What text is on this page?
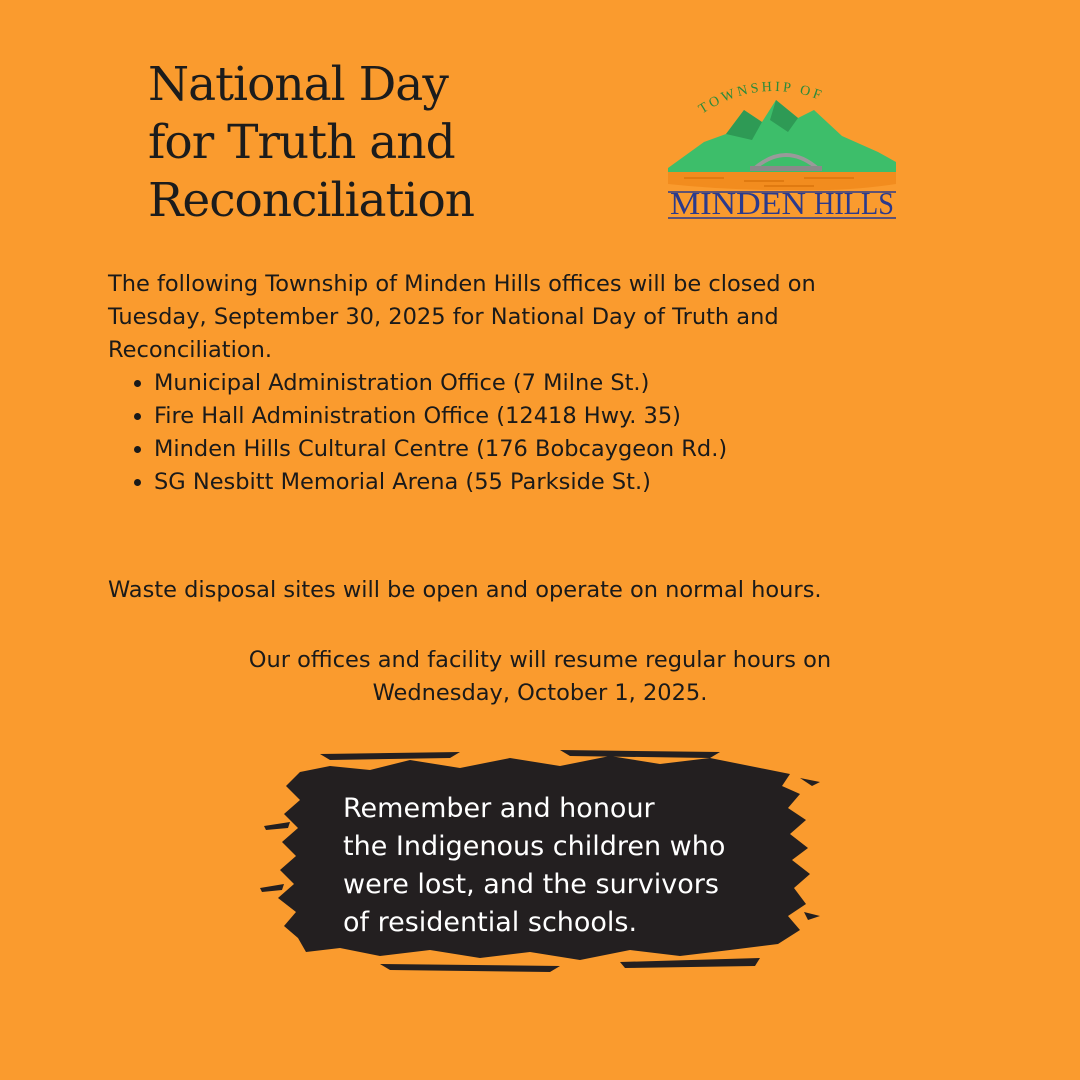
National Day
for Truth and
Reconciliation
TOWNSHIP OF
MINDEN HILLS

The following Township of Minden Hills offices will be closed on

Tuesday, September 30, 2025 for National Day of Truth and

Reconciliation.

• Municipal Administration Office (7 Milne St.)
• Fire Hall Administration Office (12418 Hwy. 35)
• Minden Hills Cultural Centre (176 Bobcaygeon Rd.)
• SG Nesbitt Memorial Arena (55 Parkside St.)
Waste disposal sites will be open and operate on normal hours.
Our offices and facility will resume regular hours on
Wednesday, October 1, 2025.
Remember and honour
the Indigenous children who
were lost, and the survivors
of residential schools.
